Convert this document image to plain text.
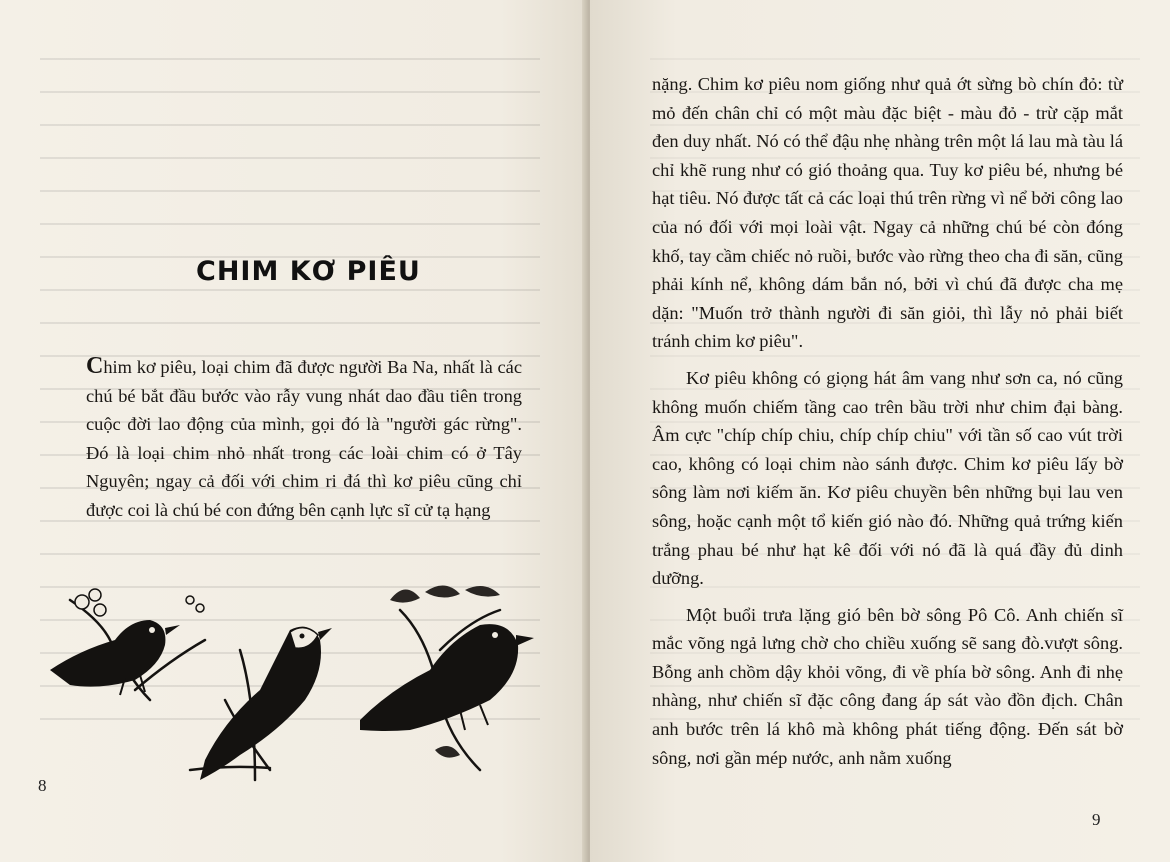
CHIM KƠ PIÊU

Chim kơ piêu, loại chim đã được người Ba Na, nhất là các chú bé bắt đầu bước vào rẫy vung nhát dao đầu tiên trong cuộc đời lao động của mình, gọi đó là "người gác rừng". Đó là loại chim nhỏ nhất trong các loài chim có ở Tây Nguyên; ngay cả đối với chim ri đá thì kơ piêu cũng chỉ được coi là chú bé con đứng bên cạnh lực sĩ cử tạ hạng

8

nặng. Chim kơ piêu nom giống như quả ớt sừng bò chín đỏ: từ mỏ đến chân chỉ có một màu đặc biệt - màu đỏ - trừ cặp mắt đen duy nhất. Nó có thể đậu nhẹ nhàng trên một lá lau mà tàu lá chỉ khẽ rung như có gió thoảng qua. Tuy kơ piêu bé, nhưng bé hạt tiêu. Nó được tất cả các loại thú trên rừng vì nể bởi công lao của nó đối với mọi loài vật. Ngay cả những chú bé còn đóng khố, tay cầm chiếc nỏ ruồi, bước vào rừng theo cha đi săn, cũng phải kính nể, không dám bắn nó, bởi vì chú đã được cha mẹ dặn: "Muốn trở thành người đi săn giỏi, thì lẫy nỏ phải biết tránh chim kơ piêu".

Kơ piêu không có giọng hát âm vang như sơn ca, nó cũng không muốn chiếm tầng cao trên bầu trời như chim đại bàng. Âm cực "chíp chíp chiu, chíp chíp chiu" với tần số cao vút trời cao, không có loại chim nào sánh được. Chim kơ piêu lấy bờ sông làm nơi kiếm ăn. Kơ piêu chuyền bên những bụi lau ven sông, hoặc cạnh một tổ kiến gió nào đó. Những quả trứng kiến trắng phau bé như hạt kê đối với nó đã là quá đầy đủ dinh dưỡng.

Một buổi trưa lặng gió bên bờ sông Pô Cô. Anh chiến sĩ mắc võng ngả lưng chờ cho chiều xuống sẽ sang đò.vượt sông. Bỗng anh chồm dậy khỏi võng, đi về phía bờ sông. Anh đi nhẹ nhàng, như chiến sĩ đặc công đang áp sát vào đồn địch. Chân anh bước trên lá khô mà không phát tiếng động. Đến sát bờ sông, nơi gần mép nước, anh nằm xuống

9
